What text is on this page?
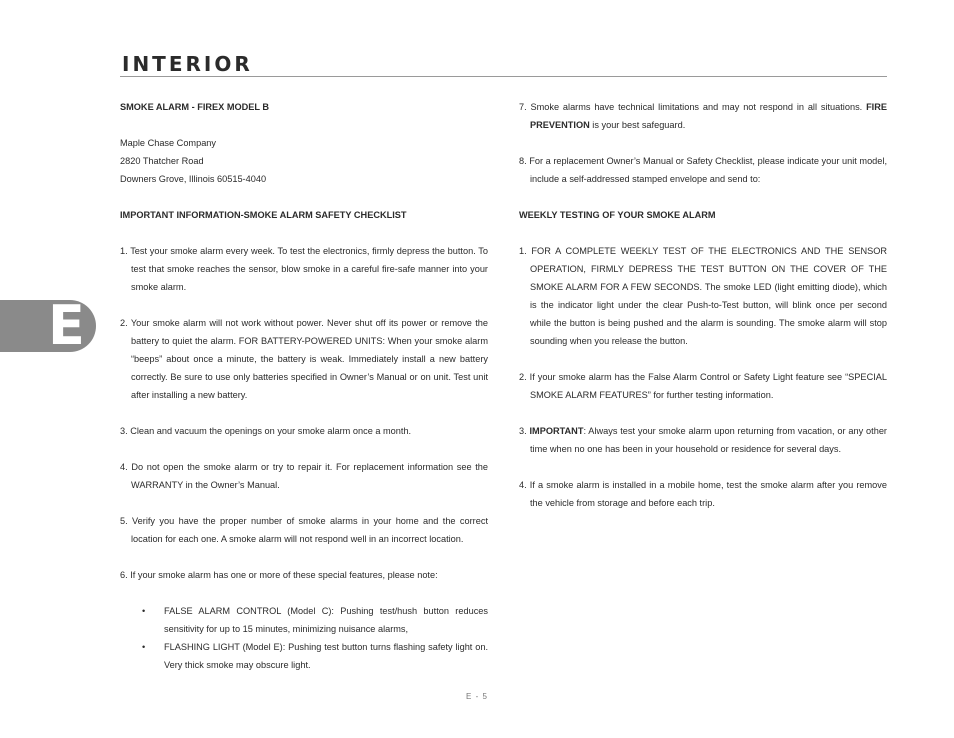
INTERIOR
E

SMOKE ALARM - FIREX MODEL B

Maple Chase Company

2820 Thatcher Road

Downers Grove, Illinois 60515-4040

IMPORTANT INFORMATION-SMOKE ALARM SAFETY CHECKLIST

1. Test your smoke alarm every week. To test the electronics, firmly depress the button. To test that smoke reaches the sensor, blow smoke in a careful fire-safe manner into your smoke alarm.

2. Your smoke alarm will not work without power. Never shut off its power or remove the battery to quiet the alarm. FOR BATTERY-POWERED UNITS: When your smoke alarm “beeps” about once a minute, the battery is weak. Immediately install a new battery correctly. Be sure to use only batteries specified in Owner’s Manual or on unit. Test unit after installing a new battery.

3. Clean and vacuum the openings on your smoke alarm once a month.

4. Do not open the smoke alarm or try to repair it. For replacement information see the WARRANTY in the Owner’s Manual.

5. Verify you have the proper number of smoke alarms in your home and the correct location for each one. A smoke alarm will not respond well in an incorrect location.

6. If your smoke alarm has one or more of these special features, please note:

• FALSE ALARM CONTROL (Model C): Pushing test/hush button reduces sensitivity for up to 15 minutes, minimizing nuisance alarms,
• FLASHING LIGHT (Model E): Pushing test button turns flashing safety light on. Very thick smoke may obscure light.

7. Smoke alarms have technical limitations and may not respond in all situations. FIRE PREVENTION is your best safeguard.

8. For a replacement Owner’s Manual or Safety Checklist, please indicate your unit model, include a self-addressed stamped envelope and send to:

WEEKLY TESTING OF YOUR SMOKE ALARM

1. FOR A COMPLETE WEEKLY TEST OF THE ELECTRONICS AND THE SENSOR OPERATION, FIRMLY DEPRESS THE TEST BUTTON ON THE COVER OF THE SMOKE ALARM FOR A FEW SECONDS. The smoke LED (light emitting diode), which is the indicator light under the clear Push-to-Test button, will blink once per second while the button is being pushed and the alarm is sounding. The smoke alarm will stop sounding when you release the button.

2. If your smoke alarm has the False Alarm Control or Safety Light feature see “SPECIAL SMOKE ALARM FEATURES” for further testing information.

3. IMPORTANT: Always test your smoke alarm upon returning from vacation, or any other time when no one has been in your household or residence for several days.

4. If a smoke alarm is installed in a mobile home, test the smoke alarm after you remove the vehicle from storage and before each trip.

E - 5
